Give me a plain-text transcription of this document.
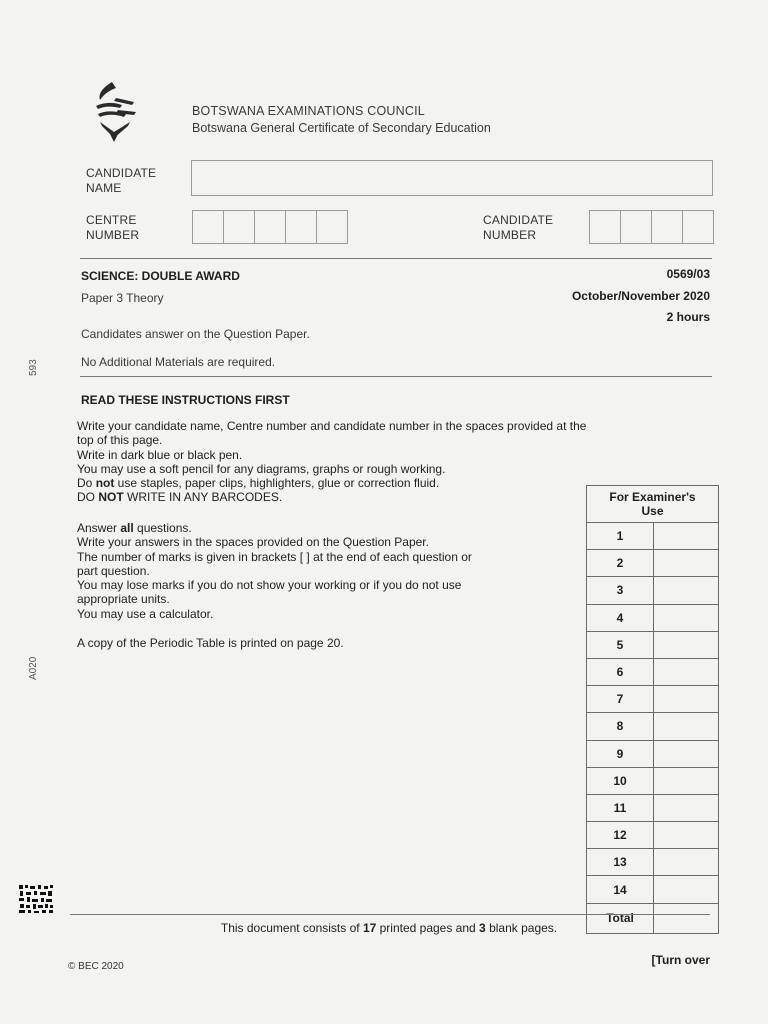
BOTSWANA EXAMINATIONS COUNCIL
Botswana General Certificate of Secondary Education
CANDIDATE
NAME
CENTRE
NUMBER
CANDIDATE
NUMBER
SCIENCE: DOUBLE AWARD	0569/03
Paper 3 Theory	October/November 2020
2 hours
Candidates answer on the Question Paper.
No Additional Materials are required.
READ THESE INSTRUCTIONS FIRST

Write your candidate name, Centre number and candidate number in the spaces provided at the

top of this page.

Write in dark blue or black pen.

You may use a soft pencil for any diagrams, graphs or rough working.

Do not use staples, paper clips, highlighters, glue or correction fluid.

DO NOT WRITE IN ANY BARCODES.

Answer all questions.

Write your answers in the spaces provided on the Question Paper.

The number of marks is given in brackets [ ] at the end of each question or

part question.

You may lose marks if you do not show your working or if you do not use

appropriate units.

You may use a calculator.

A copy of the Periodic Table is printed on page 20.
For Examiner's
Use	

1	
2	
3	
4	
5	
6	
7	
8	
9	
10	
11	
12	
13	
14	
Total	
593
A020
This document consists of 17 printed pages and 3 blank pages.
© BEC 2020	[Turn over
